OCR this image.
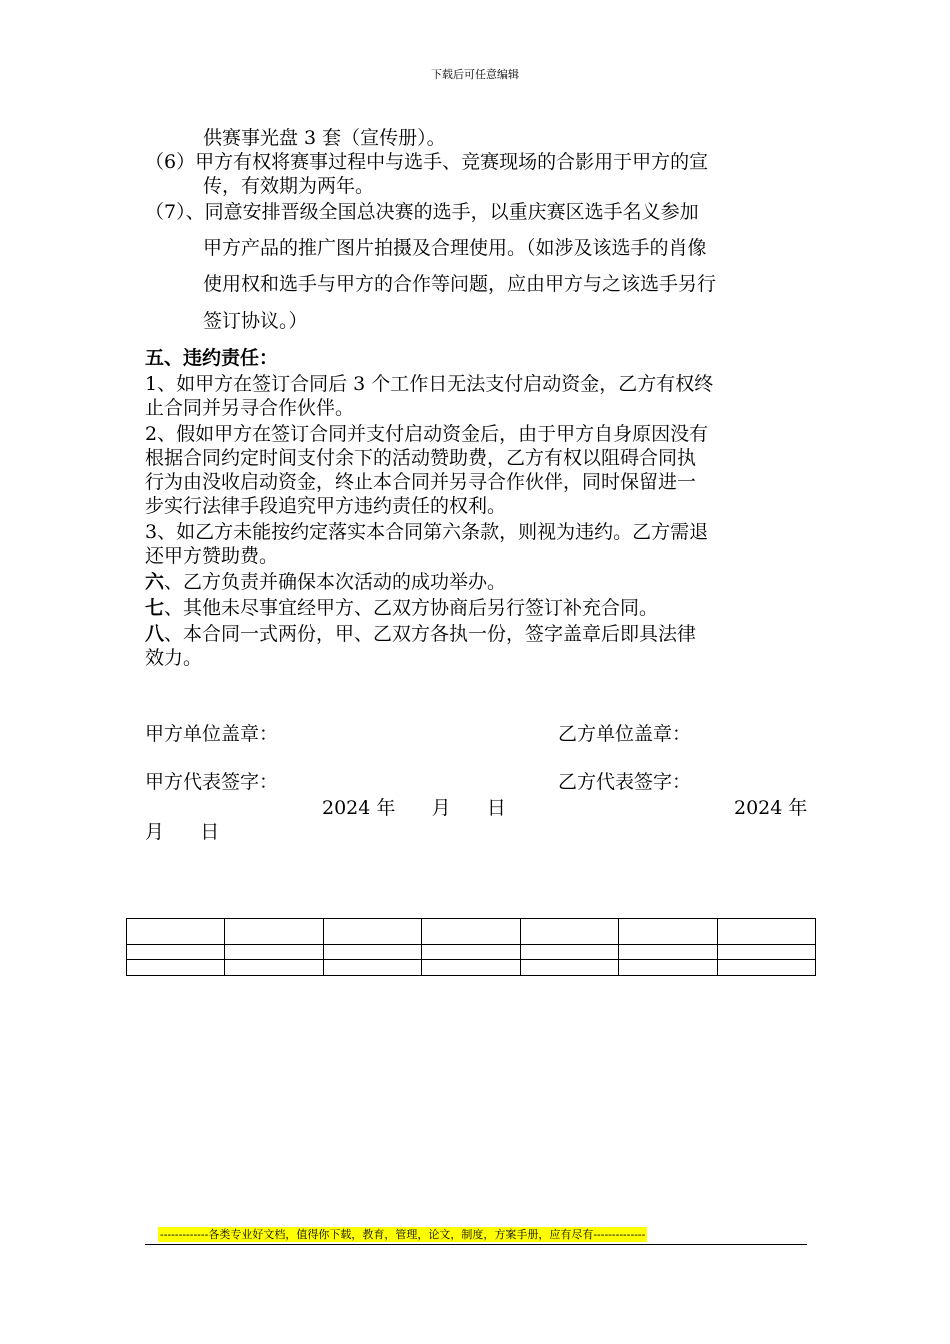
下载后可任意编辑
供赛事光盘 3 套（宣传册）。
（6）甲方有权将赛事过程中与选手、竞赛现场的合影用于甲方的宣
传，有效期为两年。
（7）、同意安排晋级全国总决赛的选手，以重庆赛区选手名义参加
甲方产品的推广图片拍摄及合理使用。（如涉及该选手的肖像
使用权和选手与甲方的合作等问题，应由甲方与之该选手另行
签订协议。）
五、违约责任：
1、如甲方在签订合同后 3 个工作日无法支付启动资金，乙方有权终
止合同并另寻合作伙伴。
2、假如甲方在签订合同并支付启动资金后，由于甲方自身原因没有
根据合同约定时间支付余下的活动赞助费，乙方有权以阻碍合同执
行为由没收启动资金，终止本合同并另寻合作伙伴，同时保留进一
步实行法律手段追究甲方违约责任的权利。
3、如乙方未能按约定落实本合同第六条款，则视为违约。乙方需退
还甲方赞助费。
六、乙方负责并确保本次活动的成功举办。
七、其他未尽事宜经甲方、乙双方协商后另行签订补充合同。
八、本合同一式两份，甲、乙双方各执一份，签字盖章后即具法律
效力。
甲方单位盖章：	乙方单位盖章：
甲方代表签字：	乙方代表签字：
2024 年      月      日	2024 年
月      日

-------------各类专业好文档，值得你下载，教育，管理，论文，制度，方案手册，应有尽有--------------
